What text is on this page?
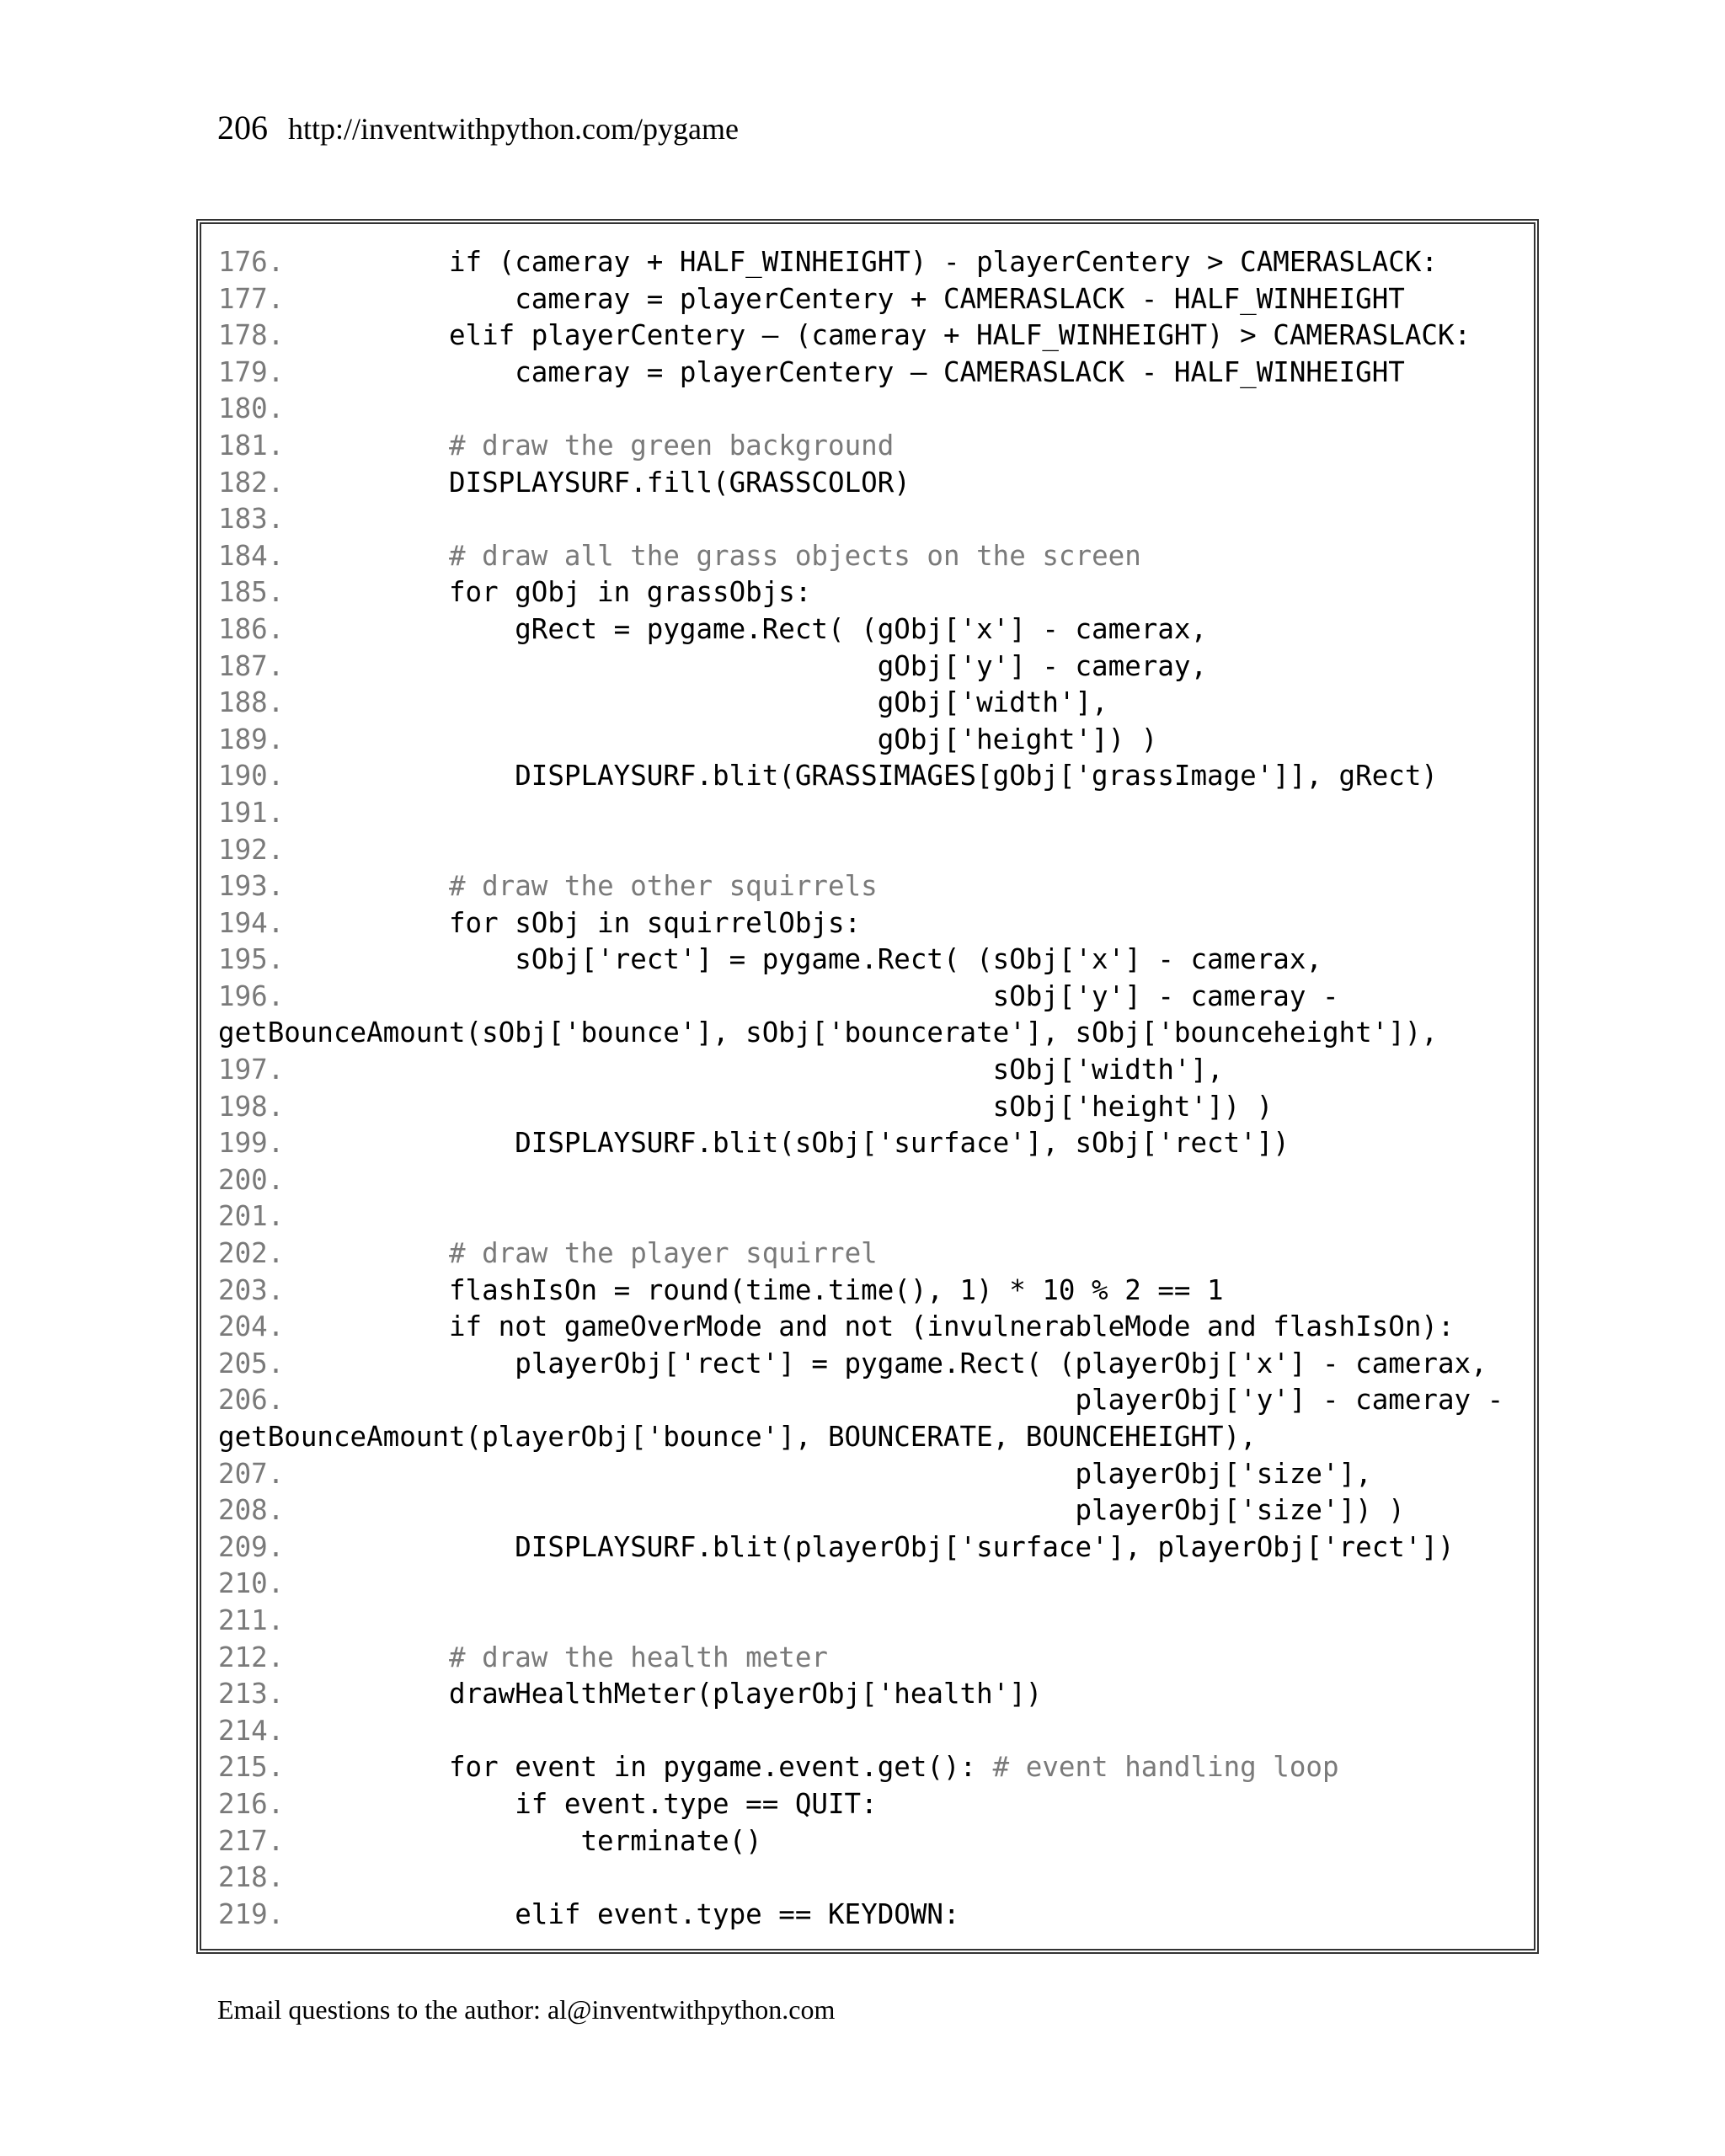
206 http://inventwithpython.com/pygame
176.          if (cameray + HALF_WINHEIGHT) - playerCentery > CAMERASLACK:
177.              cameray = playerCentery + CAMERASLACK - HALF_WINHEIGHT
178.          elif playerCentery – (cameray + HALF_WINHEIGHT) > CAMERASLACK:
179.              cameray = playerCentery – CAMERASLACK - HALF_WINHEIGHT
180.
181.	# draw the green background
182.          DISPLAYSURF.fill(GRASSCOLOR)
183.
184.	# draw all the grass objects on the screen
185.          for gObj in grassObjs:
186.              gRect = pygame.Rect( (gObj['x'] - camerax,
187.                                    gObj['y'] - cameray,
188.                                    gObj['width'],
189.                                    gObj['height']) )
190.              DISPLAYSURF.blit(GRASSIMAGES[gObj['grassImage']], gRect)
191.
192.
193.	# draw the other squirrels
194.          for sObj in squirrelObjs:
195.              sObj['rect'] = pygame.Rect( (sObj['x'] - camerax,
196.                                           sObj['y'] - cameray -
getBounceAmount(sObj['bounce'], sObj['bouncerate'], sObj['bounceheight']),
197.                                           sObj['width'],
198.                                           sObj['height']) )
199.              DISPLAYSURF.blit(sObj['surface'], sObj['rect'])
200.
201.
202.	# draw the player squirrel
203.          flashIsOn = round(time.time(), 1) * 10 % 2 == 1
204.          if not gameOverMode and not (invulnerableMode and flashIsOn):
205.              playerObj['rect'] = pygame.Rect( (playerObj['x'] - camerax,
206.                                                playerObj['y'] - cameray -
getBounceAmount(playerObj['bounce'], BOUNCERATE, BOUNCEHEIGHT),
207.                                                playerObj['size'],
208.                                                playerObj['size']) )
209.              DISPLAYSURF.blit(playerObj['surface'], playerObj['rect'])
210.
211.
212.	# draw the health meter
213.          drawHealthMeter(playerObj['health'])
214.
215.          for event in pygame.event.get(): # event handling loop
216.              if event.type == QUIT:
217.                  terminate()
218.
219.              elif event.type == KEYDOWN:
Email questions to the author: al@inventwithpython.com
